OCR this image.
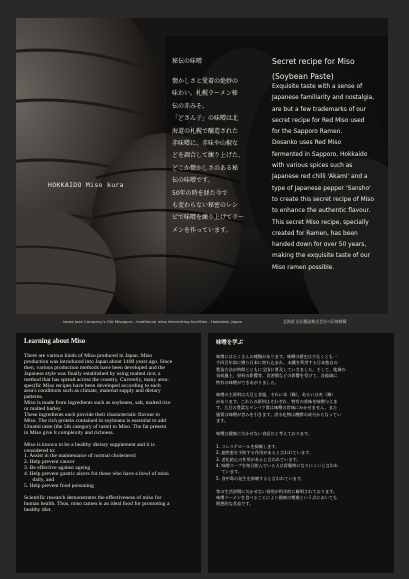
HOKKAIDO Miso kura
秘伝の味噌

懐かしさと愛着の絶妙の
味わい。札幌ラーメン秘
伝の赤みそ。
「どさん子」の味噌は北
海道の札幌で醸造された
赤味噌に、赤味や山椒な
どを調合して練り上げた、
どこか懐かしさのある秘
伝の味噌です。
50年の時を経た今で
も変わらない秘密のレシ
ピで味噌を練り上げてラー
メンを作っています。

Secret recipe for Miso
(Soybean Paste)

Exquisite taste with a sense of
Japanese familiarity and nostalgia,
are but a few trademarks of our
secret recipe for Red Miso used
for the Sapporo Ramen.
Dosanko uses Red Miso
fermented in Sapporo, Hokkaido
with various spices such as
Japanese red chilli 'Akami' and a
type of Japanese pepper 'Sansho'
to create this secret recipe of Miso
to enhance the authentic flavour.
This secret Miso recipe, specially
created for Ramen, has been
handed down for over 50 years,
making the exquisite taste of our
Miso ramen possible.

Iwata Jozo Company's Old Misogura - traditional miso fermenting facilities - Hokkaido, Japan	北海道 岩田醸造株式会社の旧味噌蔵
Learning about Miso

There are various kinds of Miso produced in Japan. Miso
production was introduced into Japan about 1400 years ago. Since
then, various production methods have been developed and the
Japanese style was finally established by using malted rice; a
method that has spread across the country. Currently, many area-
specific Miso recipes have been developed according to each
area's conditions such as climate, material supply and dietary
patterns.
Miso is made from ingredients such as soybeans, salt, malted rice
or malted barley.
These ingredients each provide their characteristic flavour to
Miso. The rich protein contained in soybeans is essential to add
Umami taste (the 5th category of taste) to Miso. The fat present
in Miso give it complexity and richness.

Miso is known to be a healthy dietary supplement and it is
considered to:
1. Assist in the maintenance of normal cholesterol
2. Help prevent cancer
3. Be effective against ageing
4. Help prevent gastric ulcers for those who have a bowl of miso
daily, and
5. Help prevent food poisoning

Scientific research demonstrates the effectiveness of miso for
human health. Thus, miso ramen is an ideal food for promoting a
healthy diet.

味噌を学ぶ

味噌にはたくさんの種類があります。味噌の歴史は少なくとも一
千四百年前に遡り日本に持ち込まれ、未醸を利用する日本独自の
製造方法が時間とともに全国に普及していきました。そして、地域の
気候風土、原料の影響等、食習慣などの影響を受けて、各地域に
特有の味噌ができあがりました。

味噌の主原料は大豆と食塩、それに米（麹）、あるいは麦（麹）
があります。これらの原料はそれぞれ、特有の香味を味噌与えま
す。大豆の豊富なタンパク質は味噌の旨味にかかせません。また
脂質は味噌が旨みを引きます。淡水化物は酸酵の成分からなってい
ます。

味噌は健康に欠かせない食品だと考えております。

1. コレステロールを抑制します。
2. 癌疾患を予防する作用があると言われています。
3. 老化防止の作用があると言われています。
4. 味噌スープを毎日飲んでいる人は胃腸病になりにくいと言われ
ています。
5. 食中毒の発生を抑制すると言われています。

等の生活習慣に欠かせない効用が科学的に解明されております。
味噌ラーメンを食べることにより健康の増進という点においても
理想的な食品です。
